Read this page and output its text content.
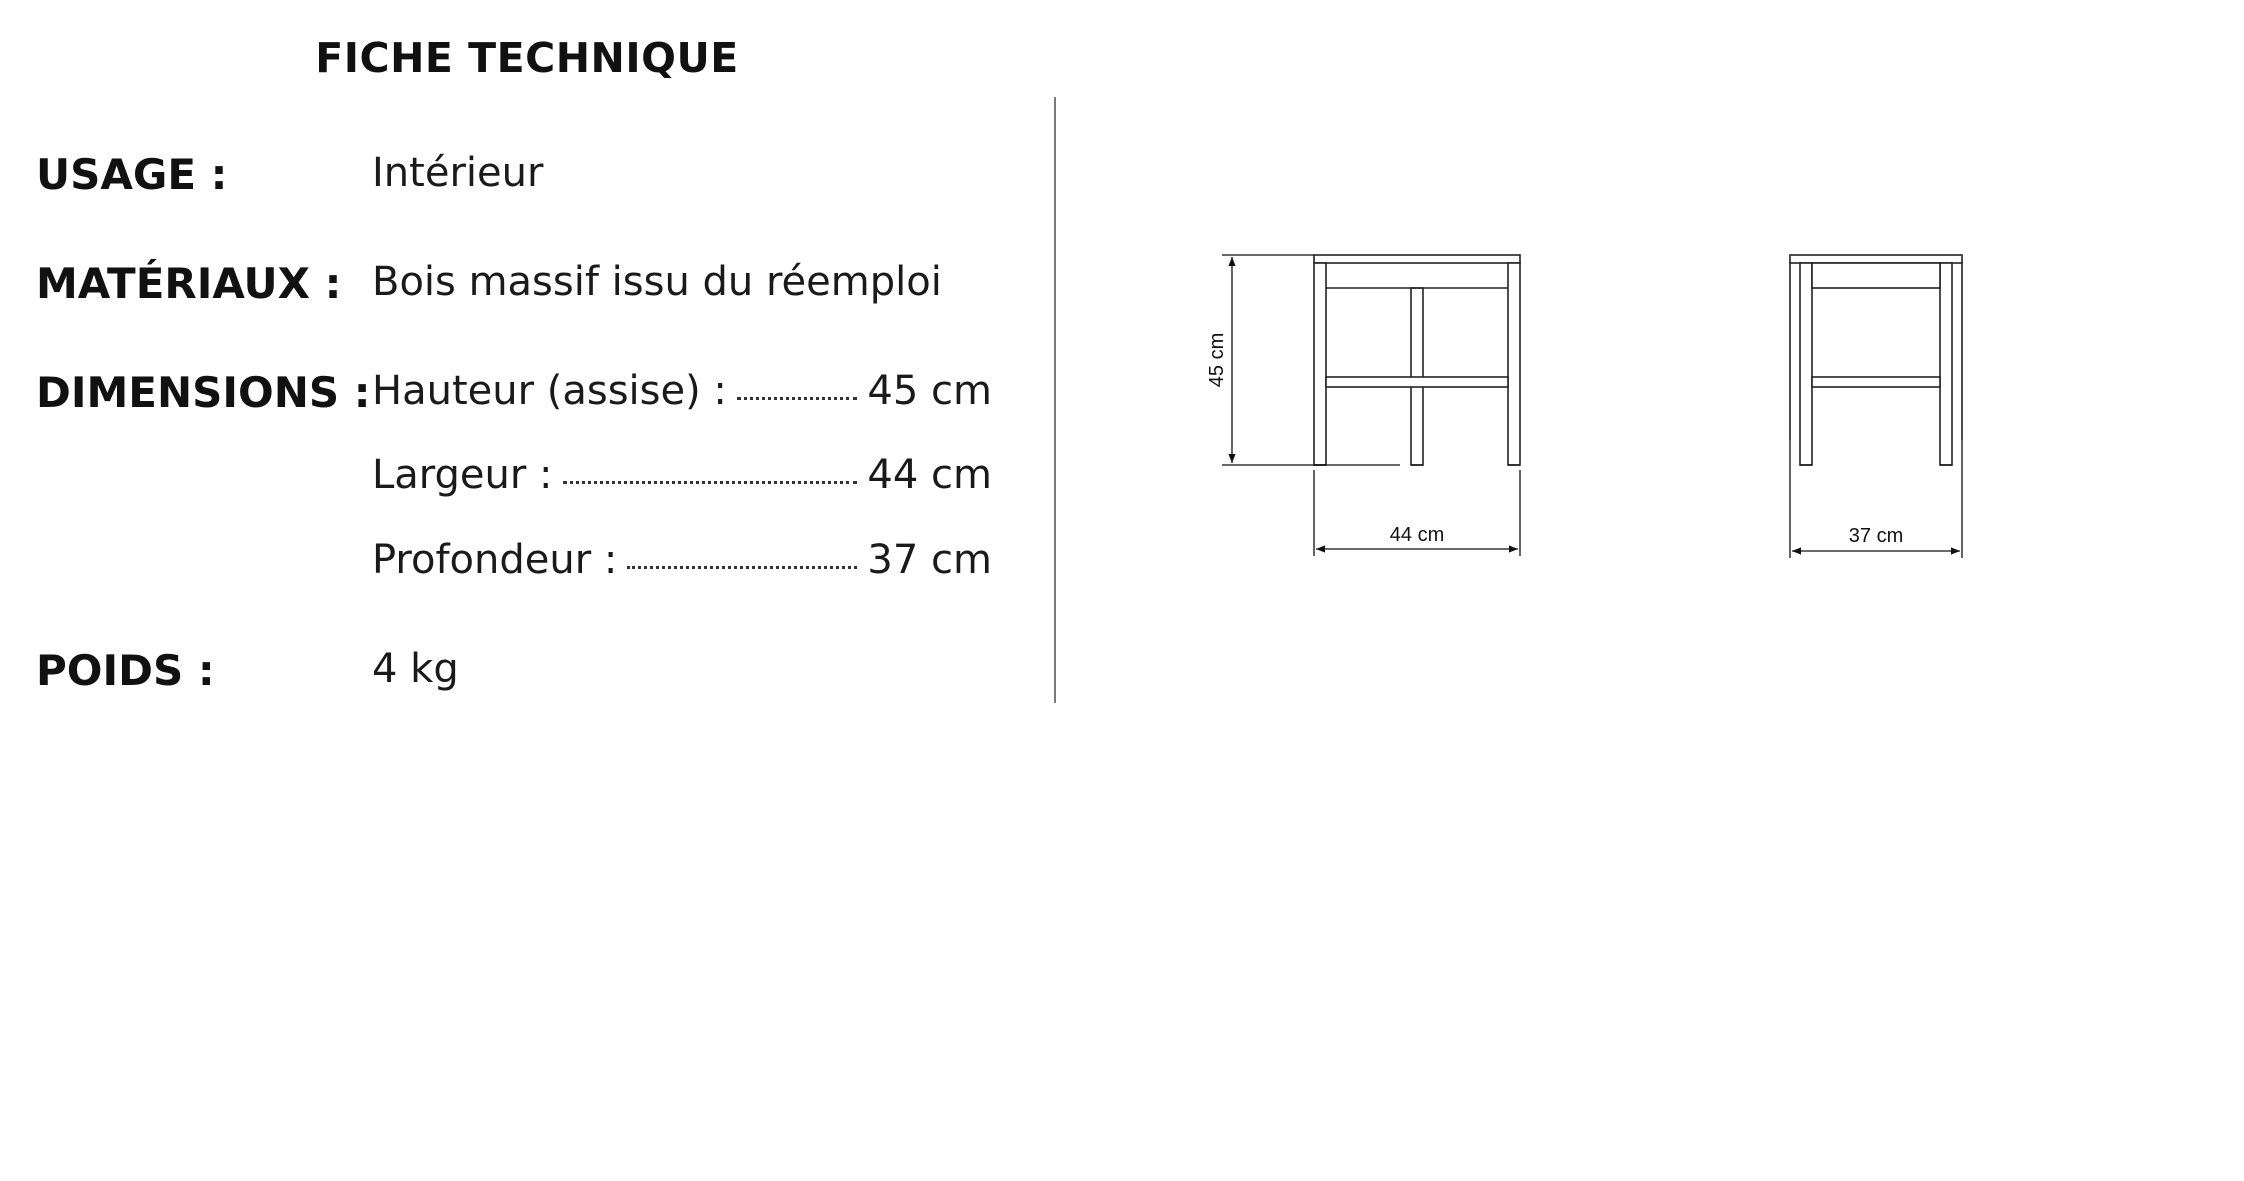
FICHE TECHNIQUE
USAGE :	Intérieur
MATÉRIAUX : Bois massif issu du réemploi
DIMENSIONS : Hauteur (assise) :	45 cm
Largeur :	44 cm
Profondeur :	37 cm
POIDS :	4 kg
45 cm
44 cm	37 cm
